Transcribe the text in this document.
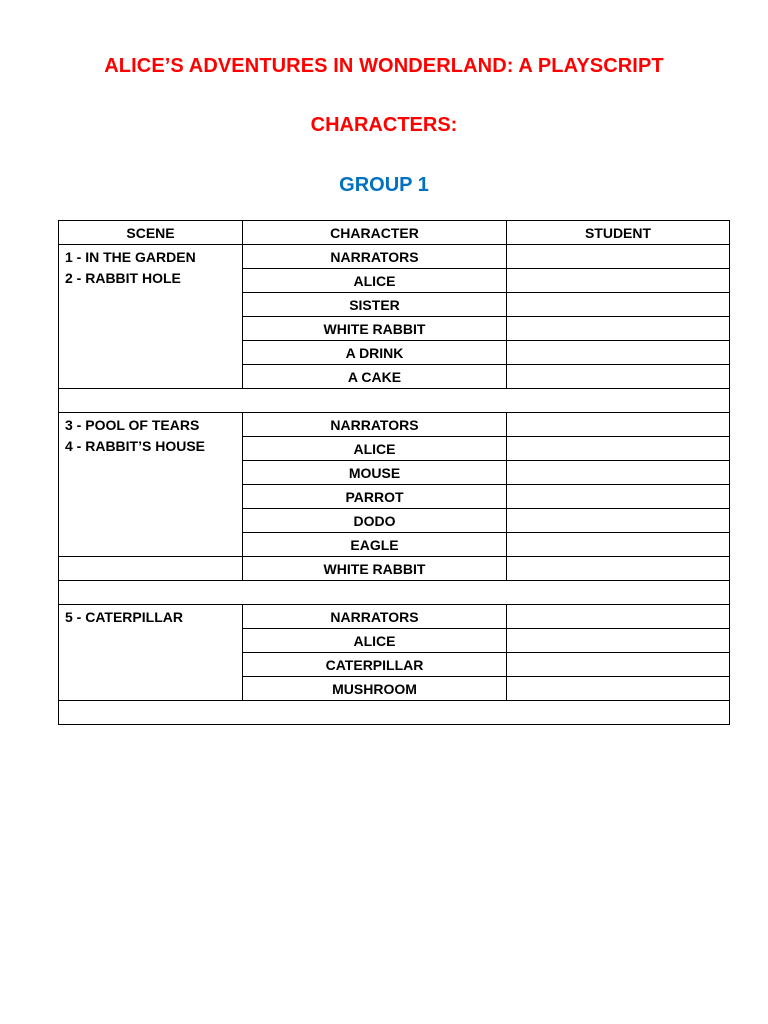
ALICE’S ADVENTURES IN WONDERLAND: A PLAYSCRIPT
CHARACTERS:
GROUP 1
SCENE	CHARACTER	STUDENT

1 - IN THE GARDEN
2 - RABBIT HOLE	NARRATORS	
	ALICE	
	SISTER	
	WHITE RABBIT	
	A DRINK	
	A CAKE	

3 - POOL OF TEARS
4 - RABBIT’S HOUSE	NARRATORS	
	ALICE	
	MOUSE	
	PARROT	
	DODO	
	EAGLE	
	WHITE RABBIT	

5 - CATERPILLAR	NARRATORS	
	ALICE	
	CATERPILLAR	
	MUSHROOM	
